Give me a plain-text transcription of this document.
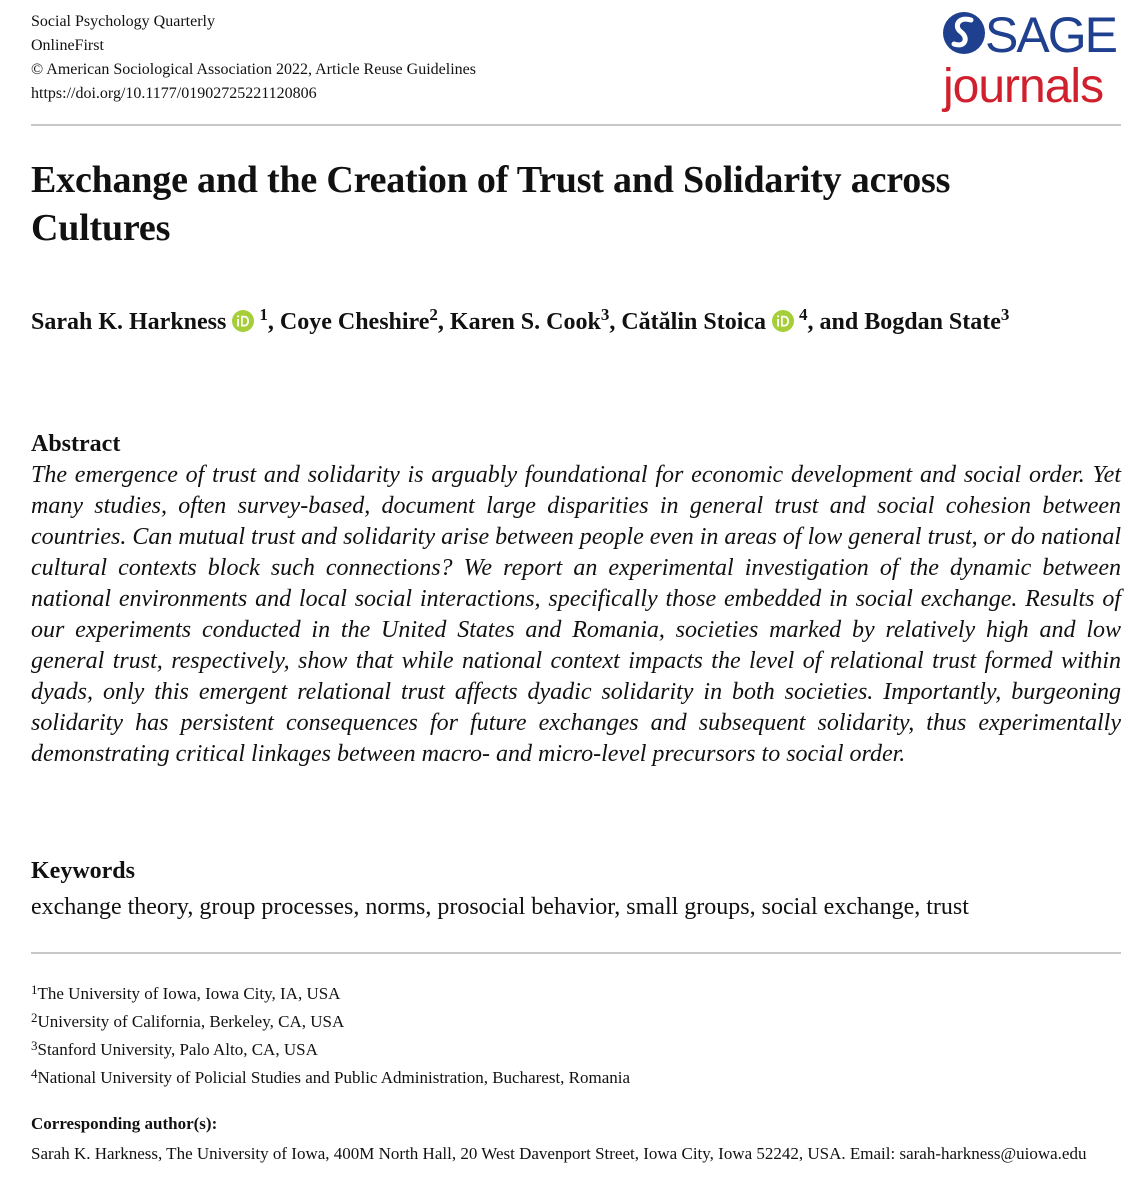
Social Psychology Quarterly
OnlineFirst
© American Sociological Association 2022, Article Reuse Guidelines
https://doi.org/10.1177/01902725221120806
SAGE
journals
Exchange and the Creation of Trust and Solidarity across Cultures
Sarah K. Harkness $^1$, Coye Cheshire$^2$, Karen S. Cook$^3$, Cătălin Stoica $^4$, and Bogdan State$^3$
Abstract

The emergence of trust and solidarity is arguably foundational for economic development and social order. Yet many studies, often survey-based, document large disparities in general trust and social cohesion between countries. Can mutual trust and solidarity arise between people even in areas of low general trust, or do national cultural contexts block such connections? We report an experimental investigation of the dynamic between national environments and local social interactions, specifically those embedded in social exchange. Results of our experiments conducted in the United States and Romania, societies marked by relatively high and low general trust, respectively, show that while national context impacts the level of relational trust formed within dyads, only this emergent relational trust affects dyadic solidarity in both societies. Importantly, burgeoning solidarity has persistent consequences for future exchanges and subsequent solidarity, thus experimentally demonstrating critical linkages between macro- and micro-level precursors to social order.

Keywords
exchange theory, group processes, norms, prosocial behavior, small groups, social exchange, trust
$^1$The University of Iowa, Iowa City, IA, USA
$^2$University of California, Berkeley, CA, USA
$^3$Stanford University, Palo Alto, CA, USA
$^4$National University of Policial Studies and Public Administration, Bucharest, Romania
Corresponding author(s):

Sarah K. Harkness, The University of Iowa, 400M North Hall, 20 West Davenport Street, Iowa City, Iowa 52242, USA. Email: sarah-harkness@uiowa.edu
